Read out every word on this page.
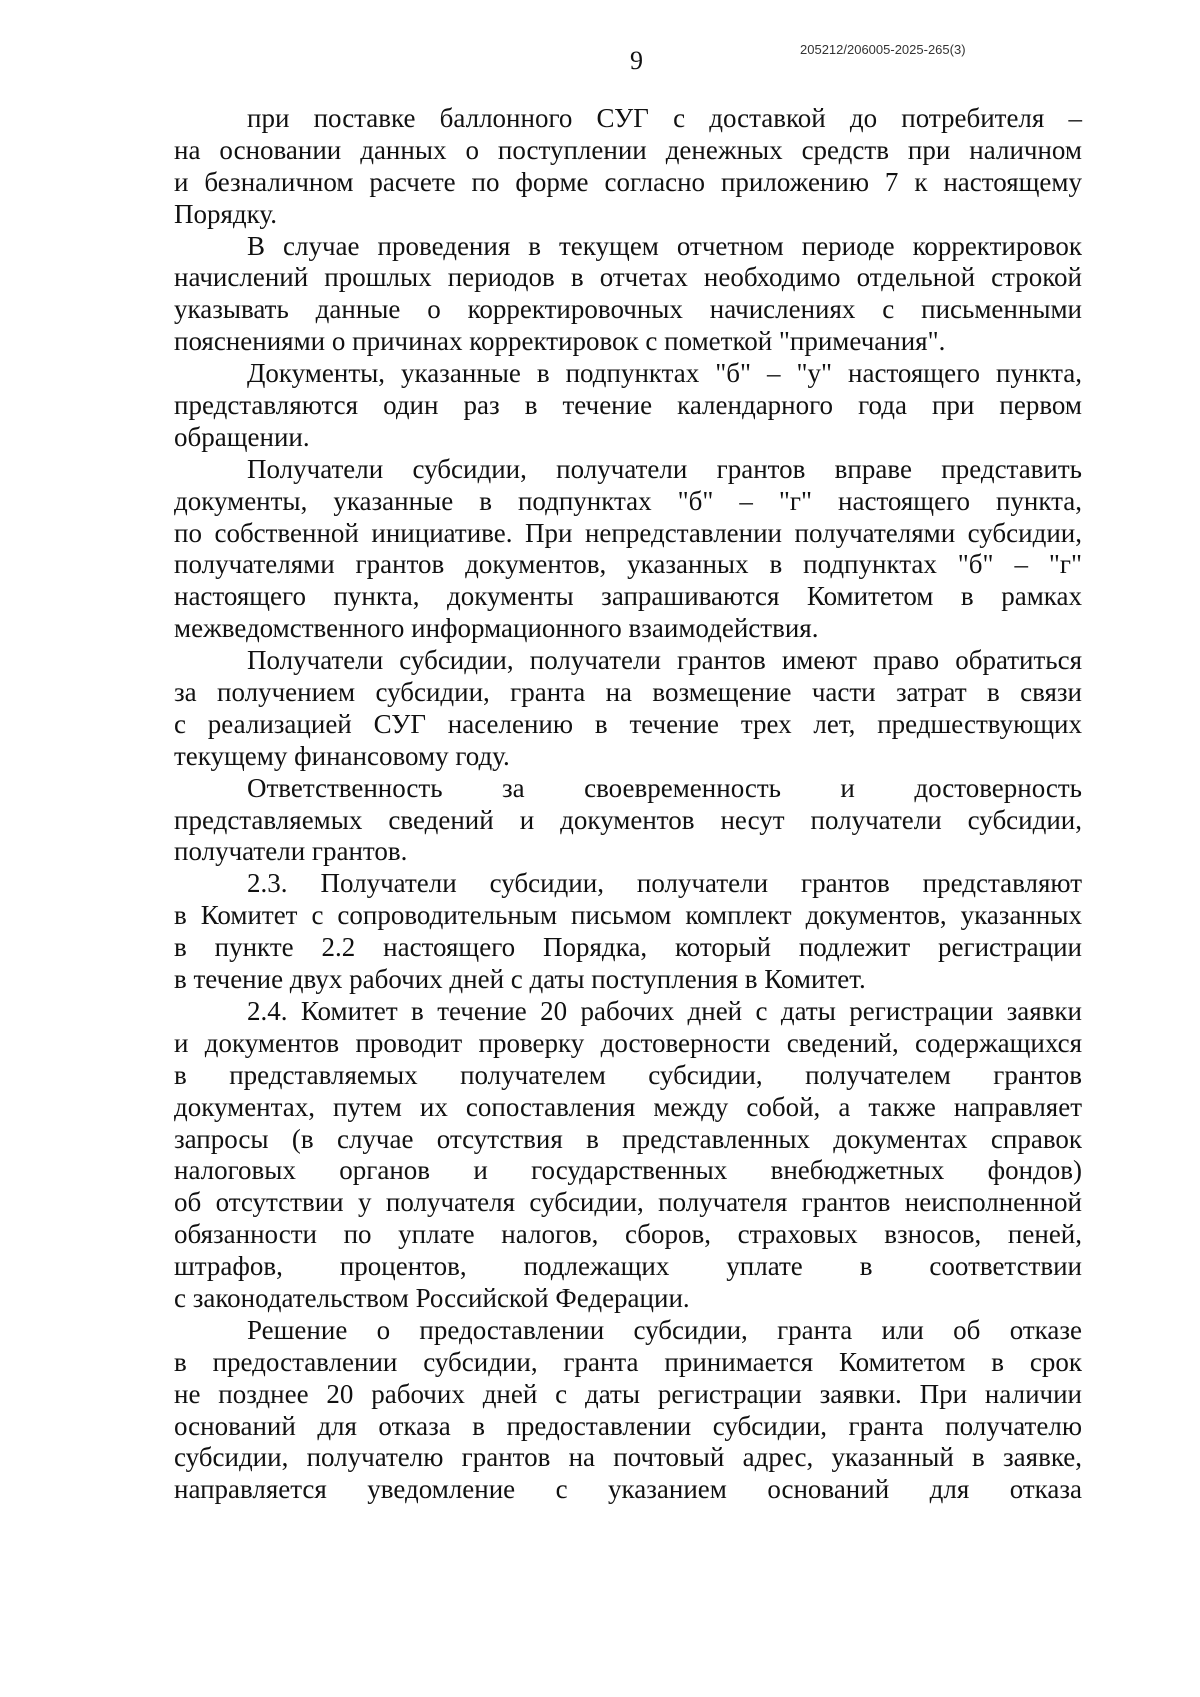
9	205212/206005-2025-265(3)
при поставке баллонного СУГ с доставкой до потребителя –
на основании данных о поступлении денежных средств при наличном
и безналичном расчете по форме согласно приложению 7 к настоящему
Порядку.
В случае проведения в текущем отчетном периоде корректировок
начислений прошлых периодов в отчетах необходимо отдельной строкой
указывать данные о корректировочных начислениях с письменными
пояснениями о причинах корректировок с пометкой "примечания".
Документы, указанные в подпунктах "б" – "у" настоящего пункта,
представляются один раз в течение календарного года при первом
обращении.
Получатели субсидии, получатели грантов вправе представить
документы, указанные в подпунктах "б" – "г" настоящего пункта,
по собственной инициативе. При непредставлении получателями субсидии,
получателями грантов документов, указанных в подпунктах "б" – "г"
настоящего пункта, документы запрашиваются Комитетом в рамках
межведомственного информационного взаимодействия.
Получатели субсидии, получатели грантов имеют право обратиться
за получением субсидии, гранта на возмещение части затрат в связи
с реализацией СУГ населению в течение трех лет, предшествующих
текущему финансовому году.
Ответственность за своевременность и достоверность
представляемых сведений и документов несут получатели субсидии,
получатели грантов.
2.3. Получатели субсидии, получатели грантов представляют
в Комитет с сопроводительным письмом комплект документов, указанных
в пункте 2.2 настоящего Порядка, который подлежит регистрации
в течение двух рабочих дней с даты поступления в Комитет.
2.4. Комитет в течение 20 рабочих дней с даты регистрации заявки
и документов проводит проверку достоверности сведений, содержащихся
в представляемых получателем субсидии, получателем грантов
документах, путем их сопоставления между собой, а также направляет
запросы (в случае отсутствия в представленных документах справок
налоговых органов и государственных внебюджетных фондов)
об отсутствии у получателя субсидии, получателя грантов неисполненной
обязанности по уплате налогов, сборов, страховых взносов, пеней,
штрафов, процентов, подлежащих уплате в соответствии
с законодательством Российской Федерации.
Решение о предоставлении субсидии, гранта или об отказе
в предоставлении субсидии, гранта принимается Комитетом в срок
не позднее 20 рабочих дней с даты регистрации заявки. При наличии
оснований для отказа в предоставлении субсидии, гранта получателю
субсидии, получателю грантов на почтовый адрес, указанный в заявке,
направляется уведомление с указанием оснований для отказа
